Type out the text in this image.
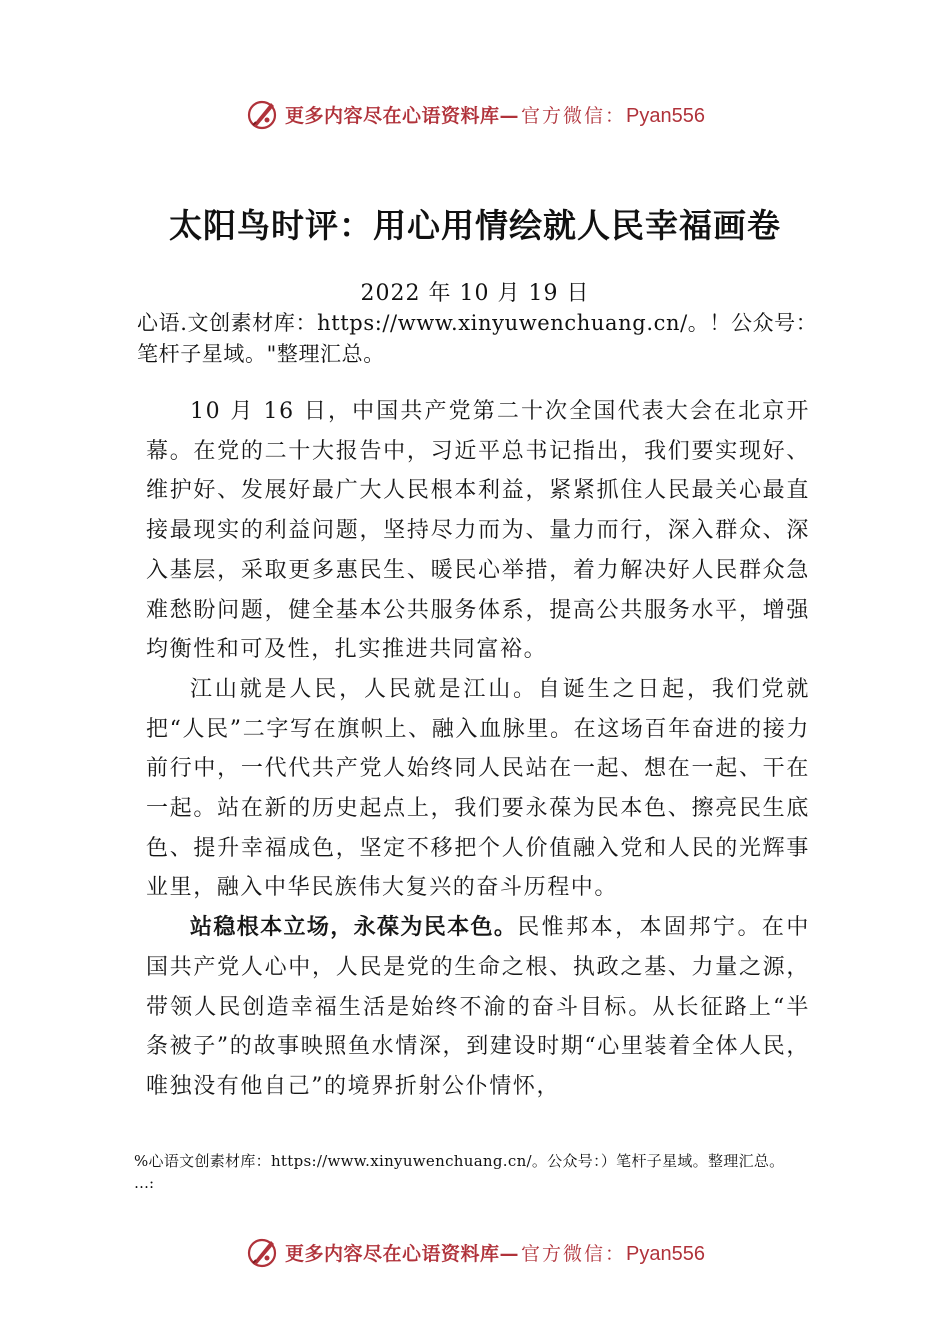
更多内容尽在心语资料库 — 官方微信： Pyan556
太阳鸟时评：用心用情绘就人民幸福画卷
2022 年 10 月 19 日

心语.文创素材库：https://www.xinyuwenchuang.cn/。！公众号：笔杆子星域。"整理汇总。

10 月 16 日，中国共产党第二十次全国代表大会在北京开幕。在党的二十大报告中，习近平总书记指出，我们要实现好、维护好、发展好最广大人民根本利益，紧紧抓住人民最关心最直接最现实的利益问题，坚持尽力而为、量力而行，深入群众、深入基层，采取更多惠民生、暖民心举措，着力解决好人民群众急难愁盼问题，健全基本公共服务体系，提高公共服务水平，增强均衡性和可及性，扎实推进共同富裕。

江山就是人民，人民就是江山。自诞生之日起，我们党就把“人民”二字写在旗帜上、融入血脉里。在这场百年奋进的接力前行中，一代代共产党人始终同人民站在一起、想在一起、干在一起。站在新的历史起点上，我们要永葆为民本色、擦亮民生底色、提升幸福成色，坚定不移把个人价值融入党和人民的光辉事业里，融入中华民族伟大复兴的奋斗历程中。

站稳根本立场，永葆为民本色。民惟邦本，本固邦宁。在中国共产党人心中，人民是党的生命之根、执政之基、力量之源，带领人民创造幸福生活是始终不渝的奋斗目标。从长征路上“半条被子”的故事映照鱼水情深，到建设时期“心里装着全体人民，唯独没有他自己”的境界折射公仆情怀，

%心语文创素材库：https://www.xinyuwenchuang.cn/。公众号：）笔杆子星域。整理汇总。

…:
更多内容尽在心语资料库 — 官方微信： Pyan556
